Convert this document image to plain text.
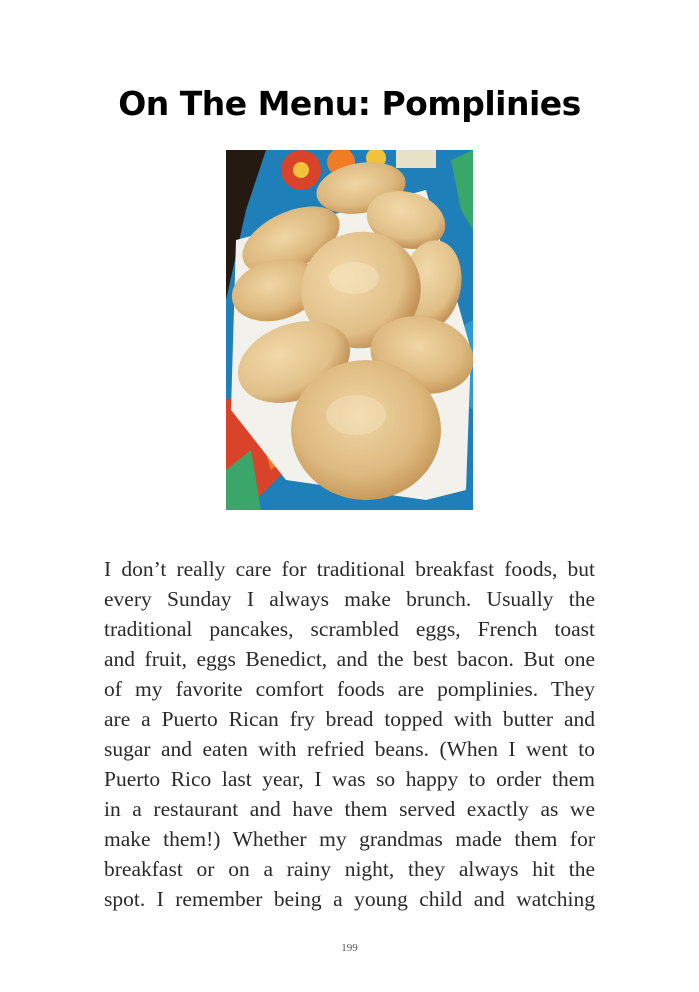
On The Menu: Pomplinies
I don’t really care for traditional breakfast foods, but
every Sunday I always make brunch. Usually the
traditional pancakes, scrambled eggs, French toast
and fruit, eggs Benedict, and the best bacon. But one
of my favorite comfort foods are pomplinies. They
are a Puerto Rican fry bread topped with butter and
sugar and eaten with refried beans. (When I went to
Puerto Rico last year, I was so happy to order them
in a restaurant and have them served exactly as we
make them!) Whether my grandmas made them for
breakfast or on a rainy night, they always hit the
spot. I remember being a young child and watching
199
